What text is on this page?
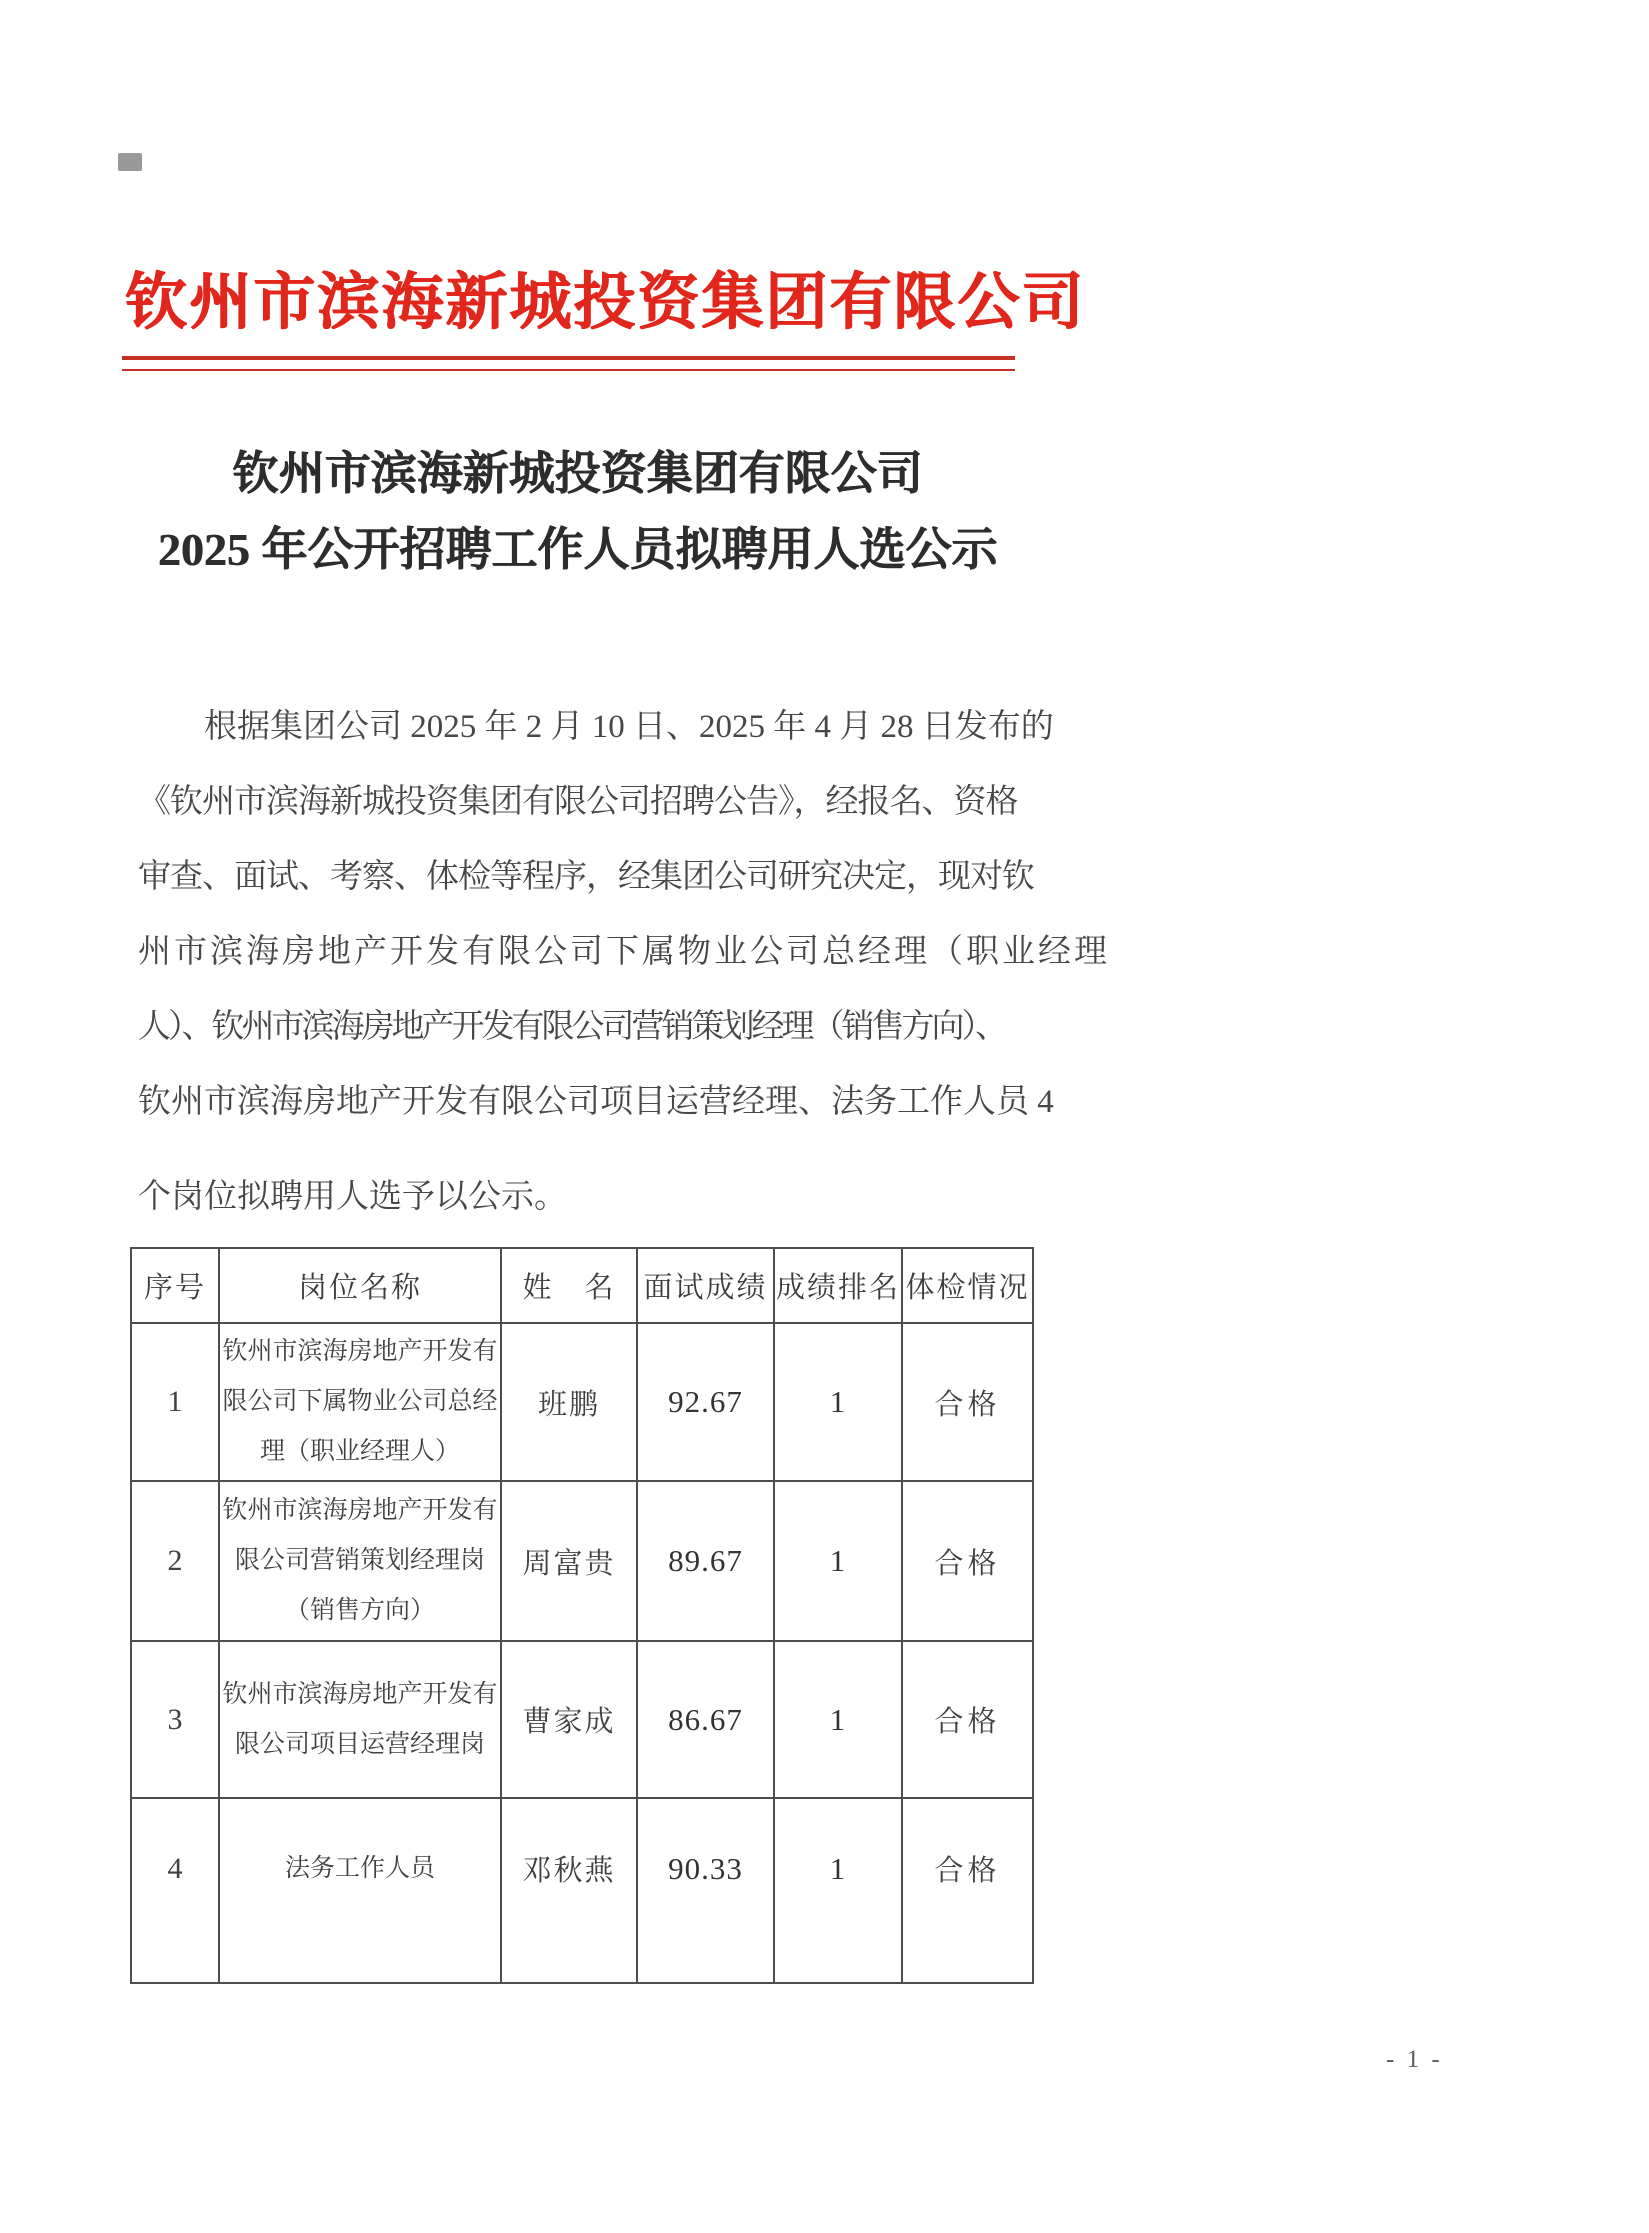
钦州市滨海新城投资集团有限公司
钦州市滨海新城投资集团有限公司
2025 年公开招聘工作人员拟聘用人选公示
根据集团公司 2025 年 2 月 10 日、2025 年 4 月 28 日发布的
《钦州市滨海新城投资集团有限公司招聘公告》，经报名、资格
审查、面试、考察、体检等程序，经集团公司研究决定，现对钦
州市滨海房地产开发有限公司下属物业公司总经理（职业经理
人）、钦州市滨海房地产开发有限公司营销策划经理（销售方向）、
钦州市滨海房地产开发有限公司项目运营经理、法务工作人员 4
个岗位拟聘用人选予以公示。
序号	岗位名称	姓　名	面试成绩	成绩排名	体检情况
1	钦州市滨海房地产开发有限公司下属物业公司总经理（职业经理人）	班鹏	92.67	1	合格
2	钦州市滨海房地产开发有限公司营销策划经理岗（销售方向）	周富贵	89.67	1	合格
3	钦州市滨海房地产开发有限公司项目运营经理岗	曹家成	86.67	1	合格
4	法务工作人员	邓秋燕	90.33	1	合格
- 1 -
